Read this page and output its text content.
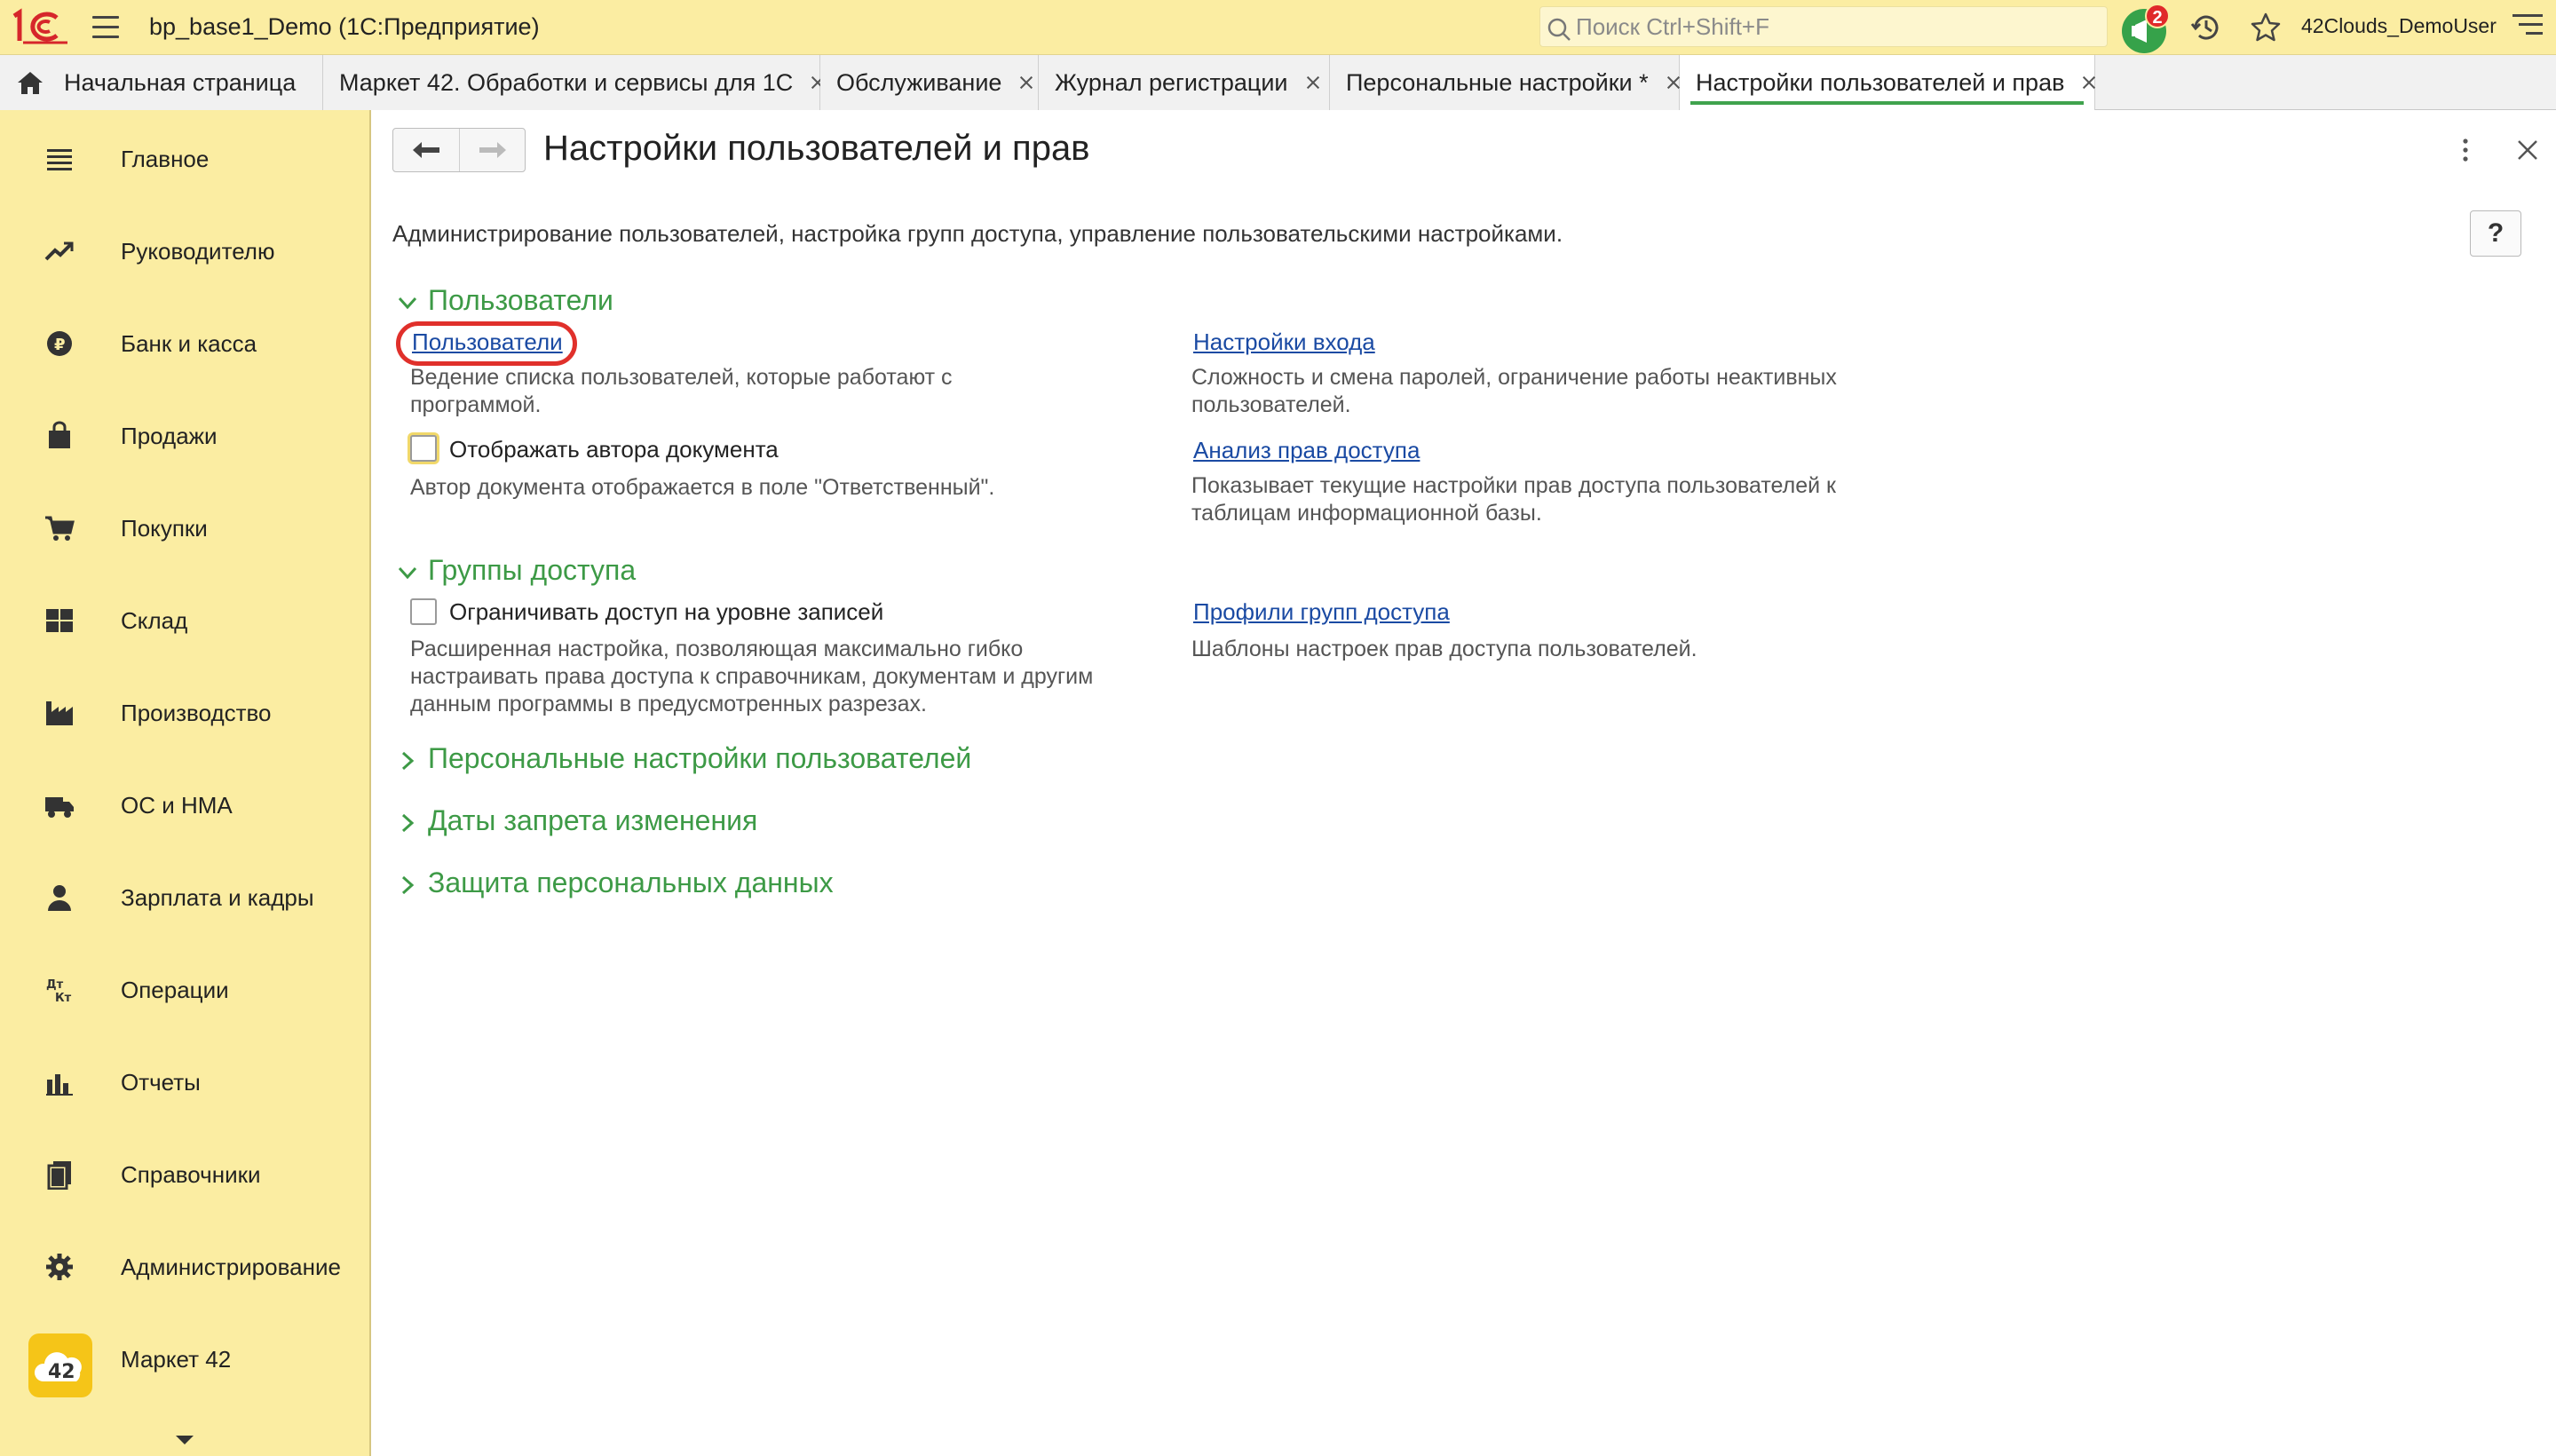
bp_base1_Demo (1С:Предприятие)
Поиск Ctrl+Shift+F	2	42Clouds_DemoUser
Начальная страница Маркет 42. Обработки и сервисы для 1С Обслуживание Журнал регистрации Персональные настройки * Настройки пользователей и прав
Главное
Руководителю
₽ Банк и касса
Продажи
Покупки
Склад
Производство
ОС и НМА
Зарплата и кадры
Дт
Кт Операции
Отчеты
Справочники
Администрирование
42 Маркет 42
Настройки пользователей и прав
Администрирование пользователей, настройка групп доступа, управление пользовательскими настройками.	?
Пользователи
Пользователи
Ведение списка пользователей, которые работают с программой.
Отображать автора документа
Автор документа отображается в поле "Ответственный".
Настройки входа
Сложность и смена паролей, ограничение работы неактивных пользователей.
Анализ прав доступа
Показывает текущие настройки прав доступа пользователей к таблицам информационной базы.
Группы доступа
Ограничивать доступ на уровне записей
Расширенная настройка, позволяющая максимально гибко настраивать права доступа к справочникам, документам и другим данным программы в предусмотренных разрезах.
Профили групп доступа
Шаблоны настроек прав доступа пользователей.
Персональные настройки пользователей
Даты запрета изменения
Защита персональных данных
